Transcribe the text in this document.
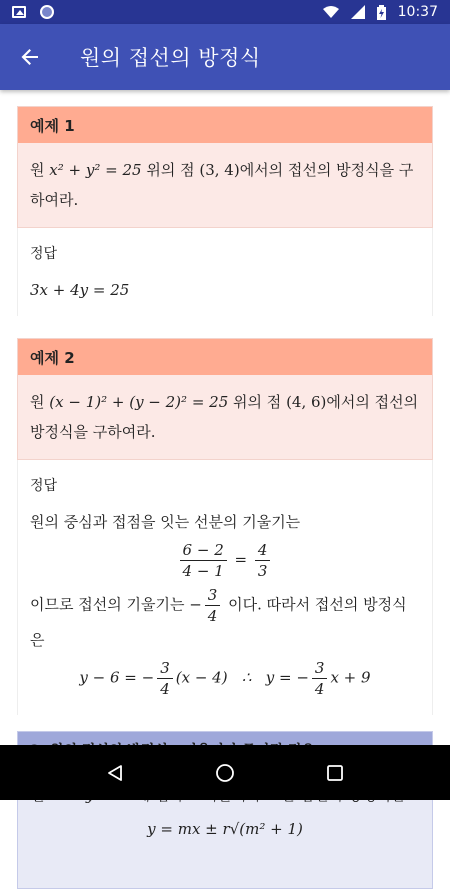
10:37
원의 접선의 방정식
예제 1
원 x² + y² = 25 위의 점 (3, 4)에서의 접선의 방정식을 구하여라.
정답
3x + 4y = 25
예제 2
원 (x − 1)² + (y − 2)² = 25 위의 점 (4, 6)에서의 접선의 방정식을 구하여라.
정답
원의 중심과 접점을 잇는 선분의 기울기는
$\frac{6 - 2}{4 - 1} = \frac{4}{3}$
이므로 접선의 기울기는 − $\frac{3}{4}$ 이다. 따라서 접선의 방정식은
y − 6 = − $\frac{3}{4} (x - 4)$ ∴ y = − $\frac{3}{4}$ x + 9
y = mx ± r√(m² + 1)
